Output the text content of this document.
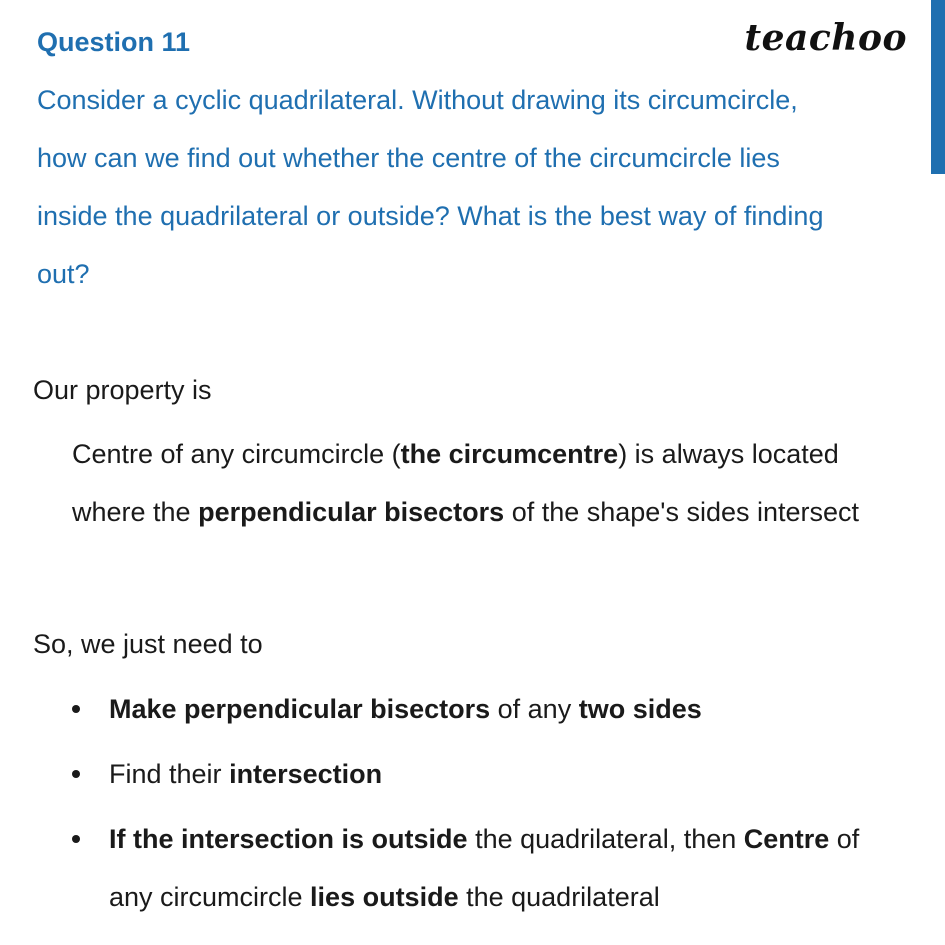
Question 11	teachoo
Consider a cyclic quadrilateral. Without drawing its circumcircle,
how can we find out whether the centre of the circumcircle lies
inside the quadrilateral or outside? What is the best way of finding
out?
Our property is
Centre of any circumcircle (the circumcentre) is always located
where the perpendicular bisectors of the shape's sides intersect
So, we just need to
Make perpendicular bisectors of any two sides
Find their intersection
If the intersection is outside the quadrilateral, then Centre of
any circumcircle lies outside the quadrilateral
